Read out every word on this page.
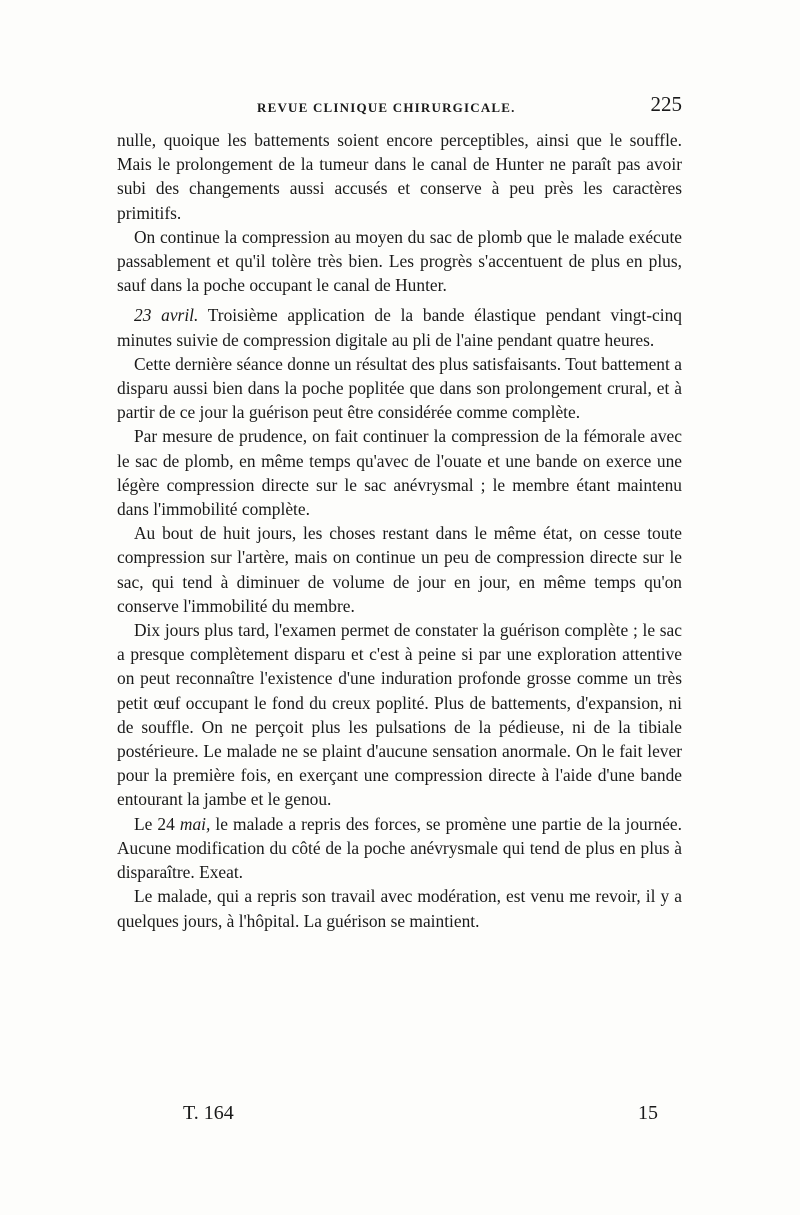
REVUE CLINIQUE CHIRURGICALE.	225

nulle, quoique les battements soient encore perceptibles, ainsi que le souffle. Mais le prolongement de la tumeur dans le canal de Hunter ne paraît pas avoir subi des changements aussi accusés et conserve à peu près les caractères primitifs.

On continue la compression au moyen du sac de plomb que le malade exécute passablement et qu'il tolère très bien. Les progrès s'accentuent de plus en plus, sauf dans la poche occupant le canal de Hunter.

23 avril. Troisième application de la bande élastique pendant vingt-cinq minutes suivie de compression digitale au pli de l'aine pendant quatre heures.

Cette dernière séance donne un résultat des plus satisfaisants. Tout battement a disparu aussi bien dans la poche poplitée que dans son prolongement crural, et à partir de ce jour la guérison peut être considérée comme complète.

Par mesure de prudence, on fait continuer la compression de la fémorale avec le sac de plomb, en même temps qu'avec de l'ouate et une bande on exerce une légère compression directe sur le sac anévrysmal ; le membre étant maintenu dans l'immobilité complète.

Au bout de huit jours, les choses restant dans le même état, on cesse toute compression sur l'artère, mais on continue un peu de compression directe sur le sac, qui tend à diminuer de volume de jour en jour, en même temps qu'on conserve l'immobilité du membre.

Dix jours plus tard, l'examen permet de constater la guérison complète ; le sac a presque complètement disparu et c'est à peine si par une exploration attentive on peut reconnaître l'existence d'une induration profonde grosse comme un très petit œuf occupant le fond du creux poplité. Plus de battements, d'expansion, ni de souffle. On ne perçoit plus les pulsations de la pédieuse, ni de la tibiale postérieure. Le malade ne se plaint d'aucune sensation anormale. On le fait lever pour la première fois, en exerçant une compression directe à l'aide d'une bande entourant la jambe et le genou.

Le 24 mai, le malade a repris des forces, se promène une partie de la journée. Aucune modification du côté de la poche anévrysmale qui tend de plus en plus à disparaître. Exeat.

Le malade, qui a repris son travail avec modération, est venu me revoir, il y a quelques jours, à l'hôpital. La guérison se maintient.

T. 164	15
